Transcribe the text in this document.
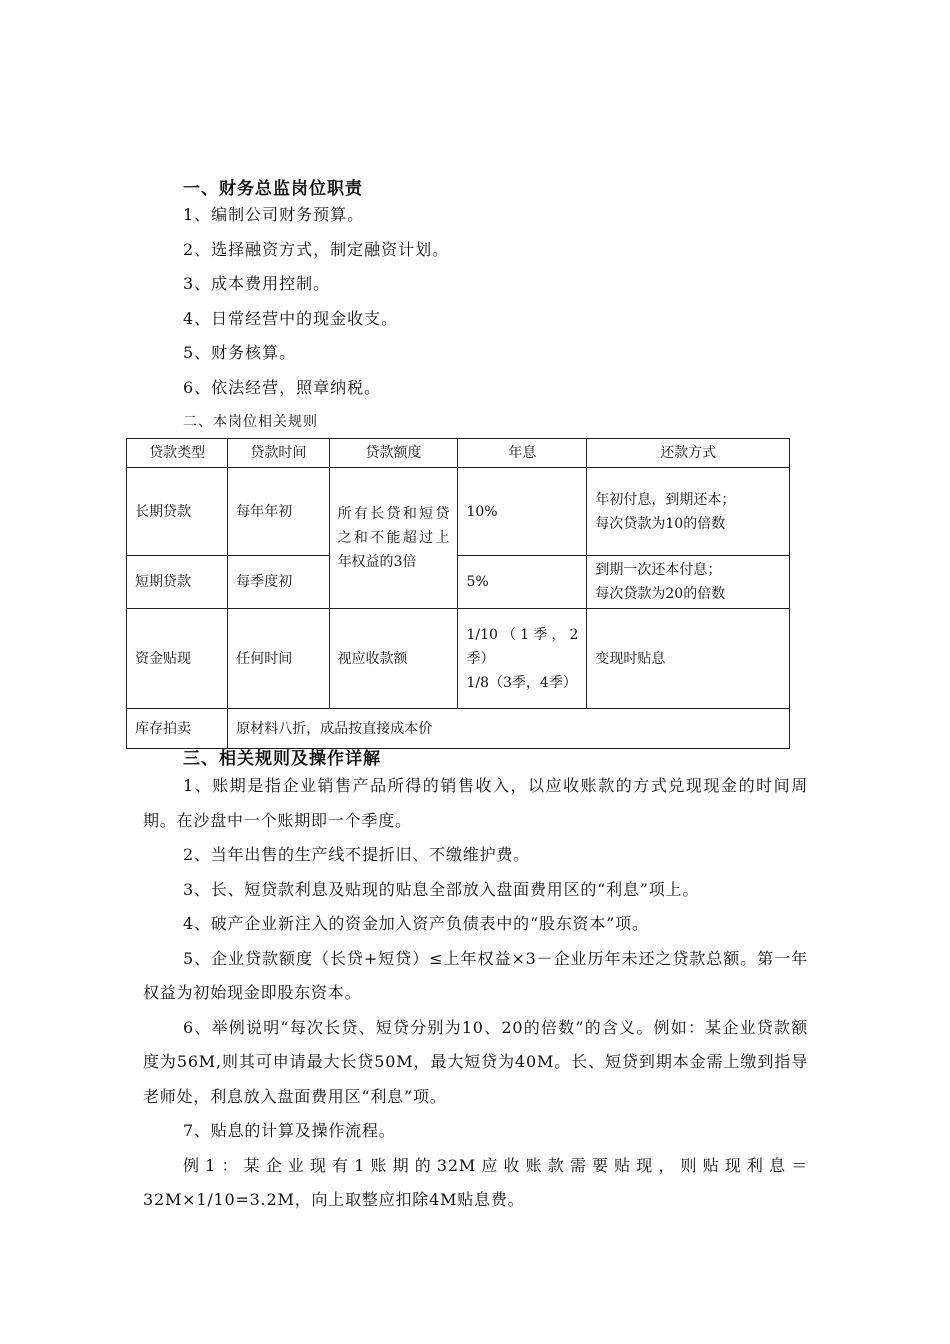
一、财务总监岗位职责
1、编制公司财务预算。
2、选择融资方式，制定融资计划。
3、成本费用控制。
4、日常经营中的现金收支。
5、财务核算。
6、依法经营，照章纳税。
二、本岗位相关规则
贷款类型	贷款时间	贷款额度	年息	还款方式
长期贷款	每年年初	所有长贷和短贷之和不能超过上年权益的3倍	10%	年初付息，到期还本；
每次贷款为10的倍数

短期贷款	每季度初		5%	到期一次还本付息；
每次贷款为20的倍数

资金贴现	任何时间	视应收款额	1/10（1季，2季）
1/8（3季，4季）	变现时贴息
库存拍卖	原材料八折，成品按直接成本价			
三、相关规则及操作详解

1、账期是指企业销售产品所得的销售收入，以应收账款的方式兑现现金的时间周期。在沙盘中一个账期即一个季度。

2、当年出售的生产线不提折旧、不缴维护费。

3、长、短贷款利息及贴现的贴息全部放入盘面费用区的“利息”项上。

4、破产企业新注入的资金加入资产负债表中的“股东资本”项。

5、企业贷款额度（长贷+短贷）≤上年权益×3－企业历年未还之贷款总额。第一年权益为初始现金即股东资本。

6、举例说明“每次长贷、短贷分别为10、20的倍数”的含义。例如：某企业贷款额度为56M,则其可申请最大长贷50M，最大短贷为40M。长、短贷到期本金需上缴到指导老师处，利息放入盘面费用区“利息”项。

7、贴息的计算及操作流程。

例1：某企业现有1账期的32M应收账款需要贴现，则贴现利息＝32M×1/10=3.2M，向上取整应扣除4M贴息费。
